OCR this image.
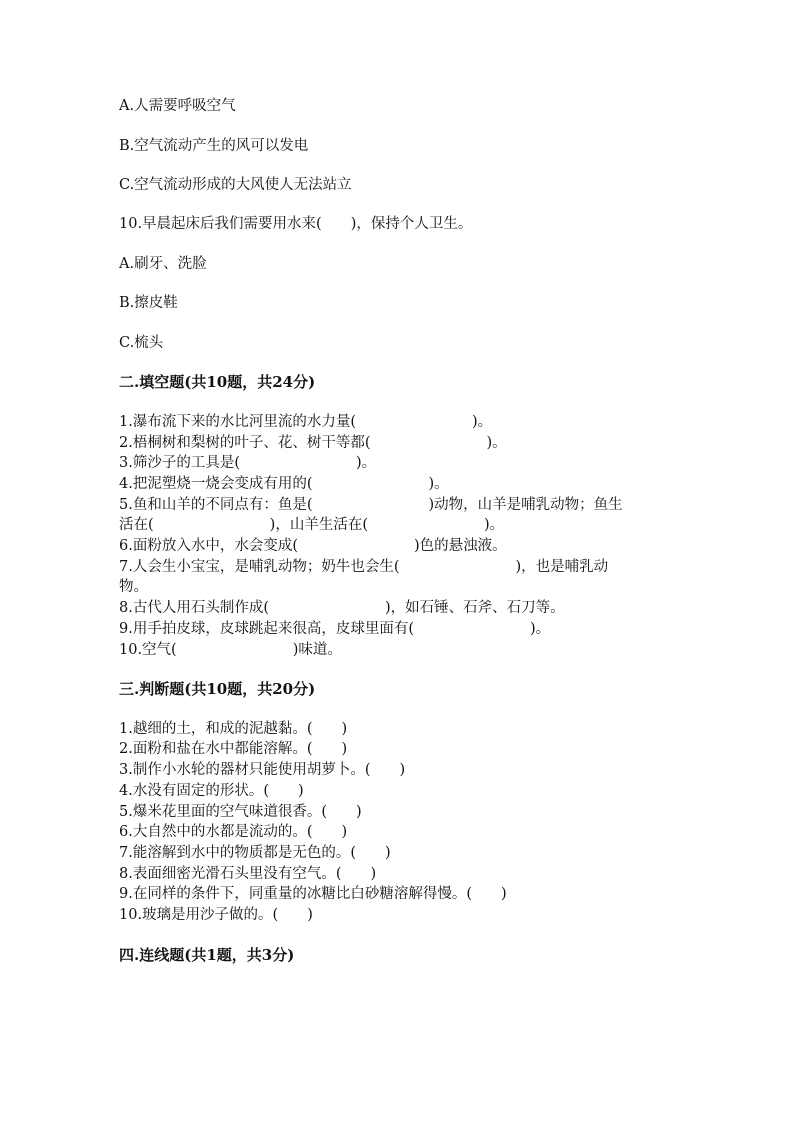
A.人需要呼吸空气
B.空气流动产生的风可以发电
C.空气流动形成的大风使人无法站立
10.早晨起床后我们需要用水来(　　)，保持个人卫生。
A.刷牙、洗脸
B.擦皮鞋
C.梳头
二.填空题(共10题，共24分)
1.瀑布流下来的水比河里流的水力量(　　　　　　　　)。
2.梧桐树和梨树的叶子、花、树干等都(　　　　　　　　)。
3.筛沙子的工具是(　　　　　　　　)。
4.把泥塑烧一烧会变成有用的(　　　　　　　　)。
5.鱼和山羊的不同点有：鱼是(　　　　　　　　)动物，山羊是哺乳动物；鱼生
活在(　　　　　　　　)，山羊生活在(　　　　　　　　)。
6.面粉放入水中，水会变成(　　　　　　　　)色的悬浊液。
7.人会生小宝宝，是哺乳动物；奶牛也会生(　　　　　　　　)，也是哺乳动
物。
8.古代人用石头制作成(　　　　　　　　)，如石锤、石斧、石刀等。
9.用手拍皮球，皮球跳起来很高，皮球里面有(　　　　　　　　)。
10.空气(　　　　　　　　)味道。
三.判断题(共10题，共20分)
1.越细的土，和成的泥越黏。(　　)
2.面粉和盐在水中都能溶解。(　　)
3.制作小水轮的器材只能使用胡萝卜。(　　)
4.水没有固定的形状。(　　)
5.爆米花里面的空气味道很香。(　　)
6.大自然中的水都是流动的。(　　)
7.能溶解到水中的物质都是无色的。(　　)
8.表面细密光滑石头里没有空气。(　　)
9.在同样的条件下，同重量的冰糖比白砂糖溶解得慢。(　　)
10.玻璃是用沙子做的。(　　)
四.连线题(共1题，共3分)
